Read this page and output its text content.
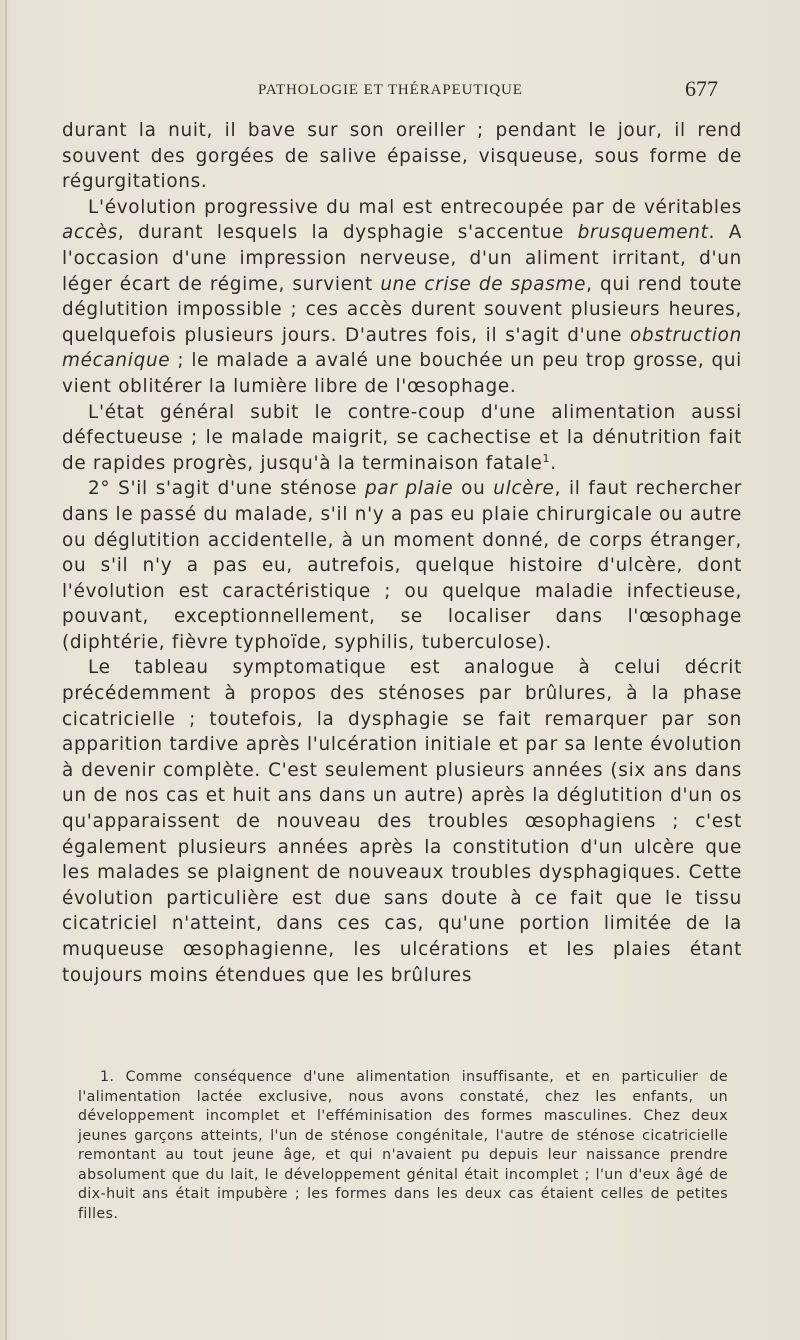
PATHOLOGIE ET THÉRAPEUTIQUE	677

durant la nuit, il bave sur son oreiller ; pendant le jour, il rend souvent des gorgées de salive épaisse, visqueuse, sous forme de régurgitations.

L'évolution progressive du mal est entrecoupée par de véritables accès, durant lesquels la dysphagie s'accentue brusquement. A l'occasion d'une impression nerveuse, d'un aliment irritant, d'un léger écart de régime, survient une crise de spasme, qui rend toute déglutition impossible ; ces accès durent souvent plusieurs heures, quelquefois plusieurs jours. D'autres fois, il s'agit d'une obstruction mécanique ; le malade a avalé une bouchée un peu trop grosse, qui vient oblitérer la lumière libre de l'œsophage.

L'état général subit le contre-coup d'une alimentation aussi défectueuse ; le malade maigrit, se cachectise et la dénutrition fait de rapides progrès, jusqu'à la terminaison fatale$^1$.

2° S'il s'agit d'une sténose par plaie ou ulcère, il faut rechercher dans le passé du malade, s'il n'y a pas eu plaie chirurgicale ou autre ou déglutition accidentelle, à un moment donné, de corps étranger, ou s'il n'y a pas eu, autrefois, quelque histoire d'ulcère, dont l'évolution est caractéristique ; ou quelque maladie infectieuse, pouvant, exceptionnellement, se localiser dans l'œsophage (diphtérie, fièvre typhoïde, syphilis, tuberculose).

Le tableau symptomatique est analogue à celui décrit précédemment à propos des sténoses par brûlures, à la phase cicatricielle ; toutefois, la dysphagie se fait remarquer par son apparition tardive après l'ulcération initiale et par sa lente évolution à devenir complète. C'est seulement plusieurs années (six ans dans un de nos cas et huit ans dans un autre) après la déglutition d'un os qu'apparaissent de nouveau des troubles œsophagiens ; c'est également plusieurs années après la constitution d'un ulcère que les malades se plaignent de nouveaux troubles dysphagiques. Cette évolution particulière est due sans doute à ce fait que le tissu cicatriciel n'atteint, dans ces cas, qu'une portion limitée de la muqueuse œsophagienne, les ulcérations et les plaies étant toujours moins étendues que les brûlures

1. Comme conséquence d'une alimentation insuffisante, et en particulier de l'alimentation lactée exclusive, nous avons constaté, chez les enfants, un développement incomplet et l'efféminisation des formes masculines. Chez deux jeunes garçons atteints, l'un de sténose congénitale, l'autre de sténose cicatricielle remontant au tout jeune âge, et qui n'avaient pu depuis leur naissance prendre absolument que du lait, le développement génital était incomplet ; l'un d'eux âgé de dix-huit ans était impubère ; les formes dans les deux cas étaient celles de petites filles.
